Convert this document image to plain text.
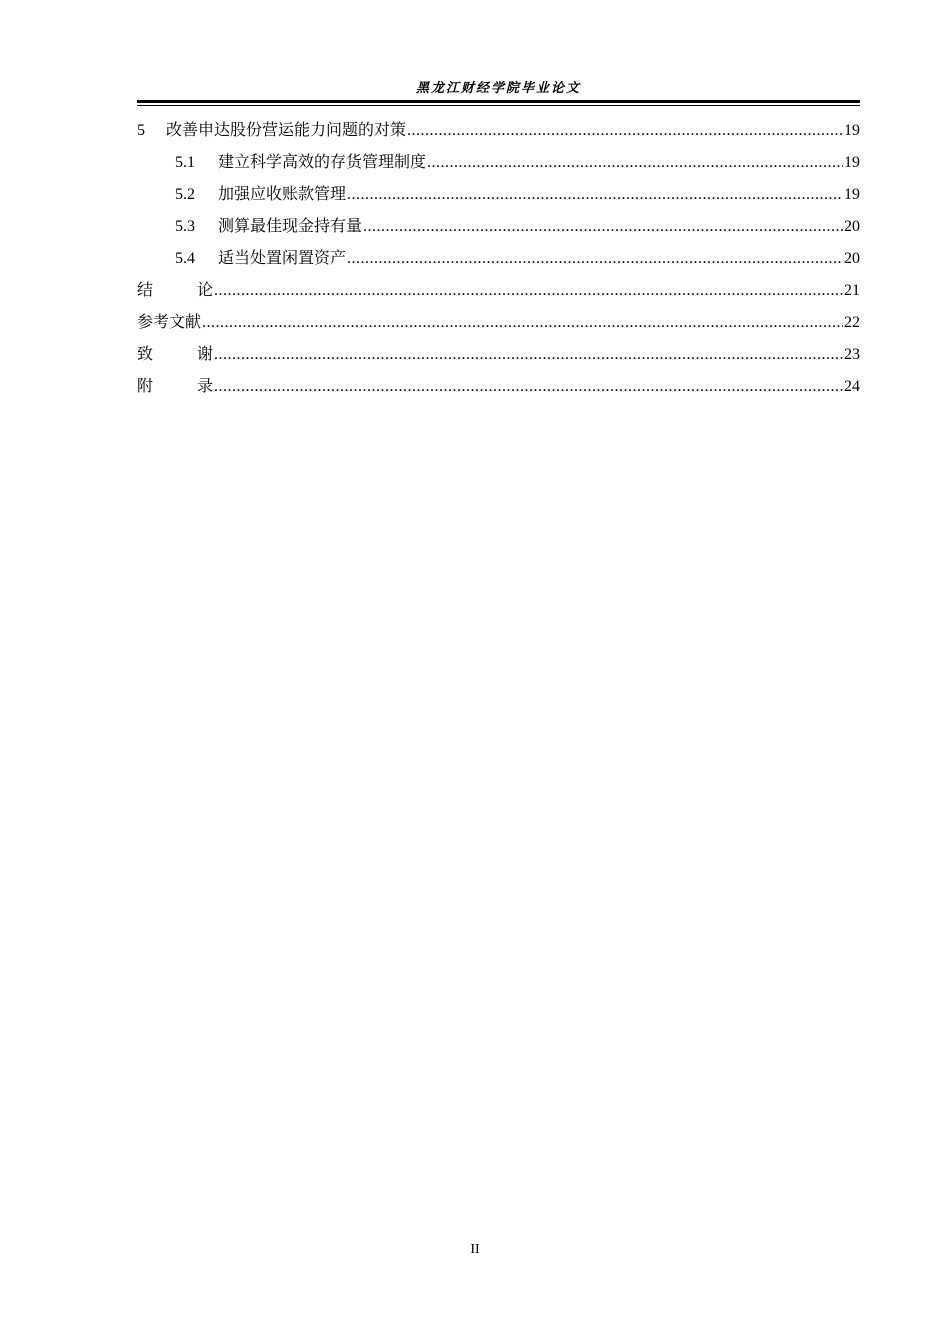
黑龙江财经学院毕业论文
5	改善申达股份营运能力问题的对策 .....	19
5.1	建立科学高效的存货管理制度 .....	19
5.2	加强应收账款管理 .....	19
5.3	测算最佳现金持有量 .....	20
5.4	适当处置闲置资产 .....	20
结	论 .....	21
参考文献 .....	22
致	谢 .....	23
附	录 .....	24
II
